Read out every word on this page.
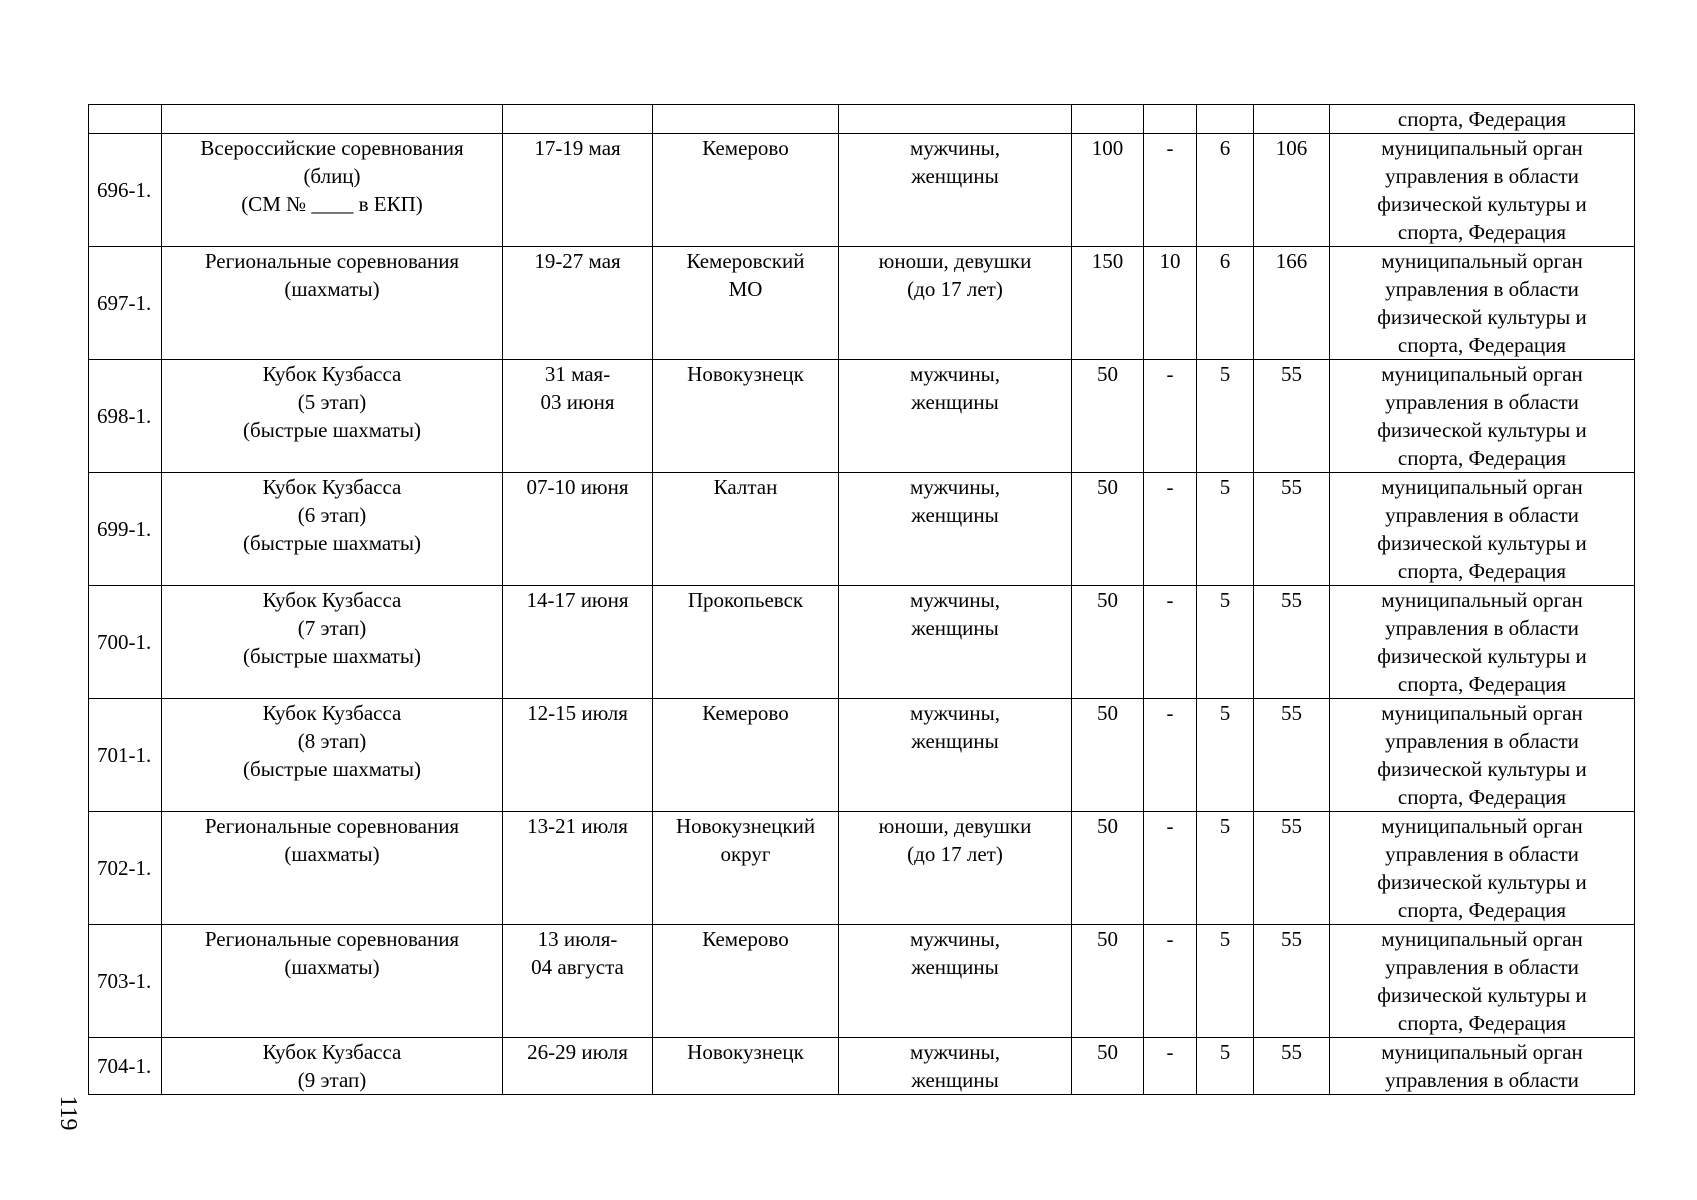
119
									спорта, Федерация
696-1.	Всероссийские соревнования
(блиц)
(СМ № ____ в ЕКП)	17-19 мая	Кемерово	мужчины,
женщины	100	-	6	106	муниципальный орган
управления в области
физической культуры и
спорта, Федерация
697-1.	Региональные соревнования
(шахматы)	19-27 мая	Кемеровский
МО	юноши, девушки
(до 17 лет)	150	10	6	166	муниципальный орган
управления в области
физической культуры и
спорта, Федерация
698-1.	Кубок Кузбасса
(5 этап)
(быстрые шахматы)	31 мая-
03 июня	Новокузнецк	мужчины,
женщины	50	-	5	55	муниципальный орган
управления в области
физической культуры и
спорта, Федерация
699-1.	Кубок Кузбасса
(6 этап)
(быстрые шахматы)	07-10 июня	Калтан	мужчины,
женщины	50	-	5	55	муниципальный орган
управления в области
физической культуры и
спорта, Федерация
700-1.	Кубок Кузбасса
(7 этап)
(быстрые шахматы)	14-17 июня	Прокопьевск	мужчины,
женщины	50	-	5	55	муниципальный орган
управления в области
физической культуры и
спорта, Федерация
701-1.	Кубок Кузбасса
(8 этап)
(быстрые шахматы)	12-15 июля	Кемерово	мужчины,
женщины	50	-	5	55	муниципальный орган
управления в области
физической культуры и
спорта, Федерация
702-1.	Региональные соревнования
(шахматы)	13-21 июля	Новокузнецкий
округ	юноши, девушки
(до 17 лет)	50	-	5	55	муниципальный орган
управления в области
физической культуры и
спорта, Федерация
703-1.	Региональные соревнования
(шахматы)	13 июля-
04 августа	Кемерово	мужчины,
женщины	50	-	5	55	муниципальный орган
управления в области
физической культуры и
спорта, Федерация
704-1.	Кубок Кузбасса
(9 этап)	26-29 июля	Новокузнецк	мужчины,
женщины	50	-	5	55	муниципальный орган
управления в области
